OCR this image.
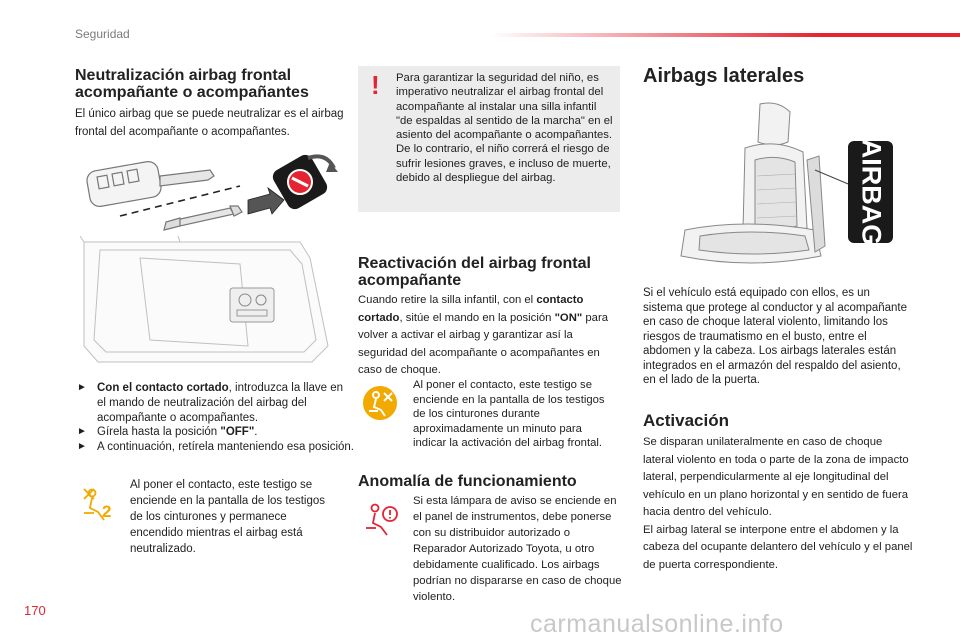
Seguridad
Neutralización airbag frontal acompañante o acompañantes
El único airbag que se puede neutralizar es el airbag frontal del acompañante o acompañantes.
► Con el contacto cortado, introduzca la llave en el mando de neutralización del airbag del acompañante o acompañantes.
► Gírela hasta la posición "OFF".
► A continuación, retírela manteniendo esa posición.
2
Al poner el contacto, este testigo se enciende en la pantalla de los testigos de los cinturones y permanece encendido mientras el airbag está neutralizado.
! Para garantizar la seguridad del niño, es imperativo neutralizar el airbag frontal del acompañante al instalar una silla infantil "de espaldas al sentido de la marcha" en el asiento del acompañante o acompañantes.
De lo contrario, el niño correrá el riesgo de sufrir lesiones graves, e incluso de muerte, debido al despliegue del airbag.
Reactivación del airbag frontal acompañante
Cuando retire la silla infantil, con el contacto cortado, sitúe el mando en la posición "ON" para volver a activar el airbag y garantizar así la seguridad del acompañante o acompañantes en caso de choque.
Al poner el contacto, este testigo se enciende en la pantalla de los testigos de los cinturones durante aproximadamente un minuto para indicar la activación del airbag frontal.
Anomalía de funcionamiento
Si esta lámpara de aviso se enciende en el panel de instrumentos, debe ponerse con su distribuidor autorizado o Reparador Autorizado Toyota, u otro debidamente cualificado. Los airbags podrían no dispararse en caso de choque violento.
Airbags laterales
AIRBAG
Si el vehículo está equipado con ellos, es un sistema que protege al conductor y al acompañante en caso de choque lateral violento, limitando los riesgos de traumatismo en el busto, entre el abdomen y la cabeza. Los airbags laterales están integrados en el armazón del respaldo del asiento, en el lado de la puerta.
Activación
Se disparan unilateralmente en caso de choque lateral violento en toda o parte de la zona de impacto lateral, perpendicularmente al eje longitudinal del vehículo en un plano horizontal y en sentido de fuera hacia dentro del vehículo.
El airbag lateral se interpone entre el abdomen y la cabeza del ocupante delantero del vehículo y el panel de puerta correspondiente.
170	carmanualsonline.info
